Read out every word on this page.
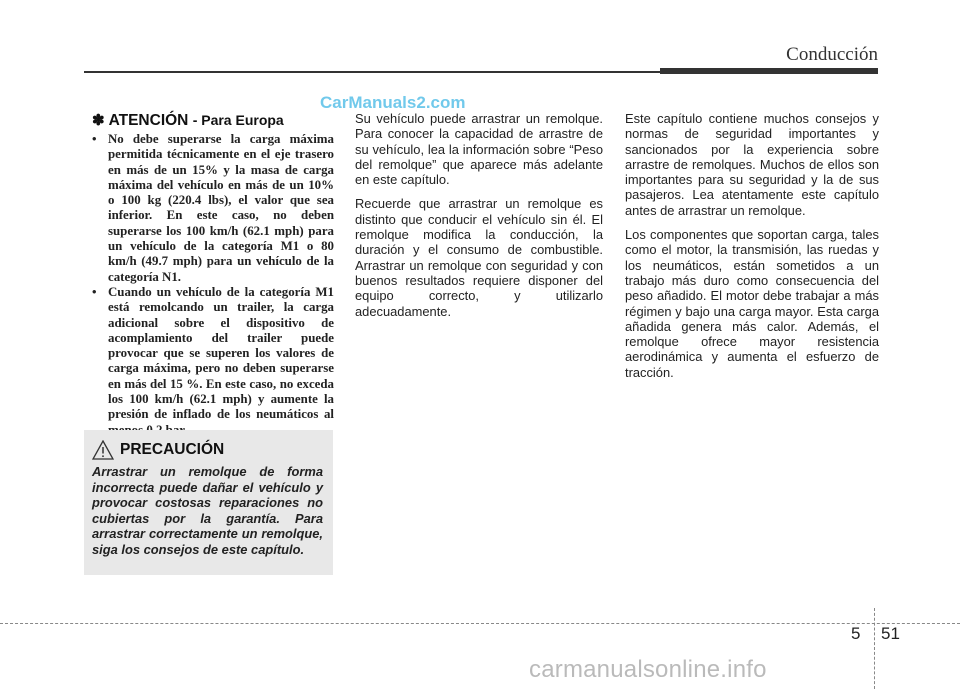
Conducción
CarManuals2.com
✽ ATENCIÓN - Para Europa
• No debe superarse la carga máxima permitida técnicamente en el eje trasero en más de un 15% y la masa de carga máxima del vehículo en más de un 10% o 100 kg (220.4 lbs), el valor que sea inferior. En este caso, no deben superarse los 100 km/h (62.1 mph) para un vehículo de la categoría M1 o 80 km/h (49.7 mph) para un vehículo de la categoría N1.
• Cuando un vehículo de la categoría M1 está remolcando un trailer, la carga adicional sobre el dispositivo de acomplamiento del trailer puede provocar que se superen los valores de carga máxima, pero no deben superarse en más del 15 %. En este caso, no exceda los 100 km/h (62.1 mph) y aumente la presión de inflado de los neumáticos al
PRECAUCIÓN

Arrastrar un remolque de forma incorrecta puede dañar el vehículo y provocar costosas reparaciones no cubiertas por la garantía. Para arrastrar correctamente un remolque, siga los consejos de este capítulo.

Su vehículo puede arrastrar un remolque. Para conocer la capacidad de arrastre de su vehículo, lea la información sobre “Peso del remolque” que aparece más adelante en este capítulo.

Recuerde que arrastrar un remolque es distinto que conducir el vehículo sin él. El remolque modifica la conducción, la duración y el consumo de combustible. Arrastrar un remolque con seguridad y con buenos resultados requiere disponer del equipo correcto, y utilizarlo adecuadamente.

Este capítulo contiene muchos consejos y normas de seguridad importantes y sancionados por la experiencia sobre arrastre de remolques. Muchos de ellos son importantes para su seguridad y la de sus pasajeros. Lea atentamente este capítulo antes de arrastrar un remolque.

Los componentes que soportan carga, tales como el motor, la transmisión, las ruedas y los neumáticos, están sometidos a un trabajo más duro como consecuencia del peso añadido. El motor debe trabajar a más régimen y bajo una carga mayor. Esta carga añadida genera más calor. Además, el remolque ofrece mayor resistencia aerodinámica y aumenta el esfuerzo de tracción.

5 51
carmanualsonline.info
